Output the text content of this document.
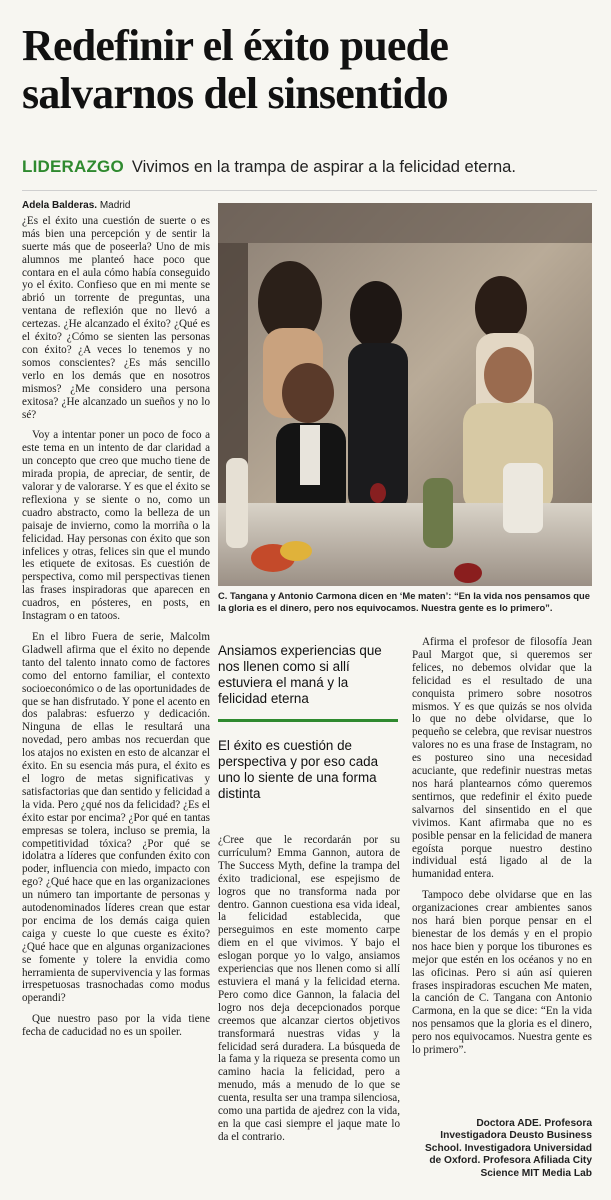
Redefinir el éxito puede salvarnos del sinsentido
LIDERAZGO Vivimos en la trampa de aspirar a la felicidad eterna.
Adela Balderas. Madrid

¿Es el éxito una cuestión de suerte o es más bien una percepción y de sentir la suerte más que de poseerla? Uno de mis alumnos me planteó hace poco que contara en el aula cómo había conseguido yo el éxito. Confieso que en mi mente se abrió un torrente de preguntas, una ventana de reflexión que no llevó a certezas. ¿He alcanzado el éxito? ¿Qué es el éxito? ¿Cómo se sienten las personas con éxito? ¿A veces lo tenemos y no somos conscientes? ¿Es más sencillo verlo en los demás que en nosotros mismos? ¿Me considero una persona exitosa? ¿He alcanzado un sueños y no lo sé?

Voy a intentar poner un poco de foco a este tema en un intento de dar claridad a un concepto que creo que mucho tiene de mirada propia, de apreciar, de sentir, de valorar y de valorarse. Y es que el éxito se reflexiona y se siente o no, como un cuadro abstracto, como la belleza de un paisaje de invierno, como la morriña o la felicidad. Hay personas con éxito que son infelices y otras, felices sin que el mundo les etiquete de exitosas. Es cuestión de perspectiva, como mil perspectivas tienen las frases inspiradoras que aparecen en cuadros, en pósteres, en posts, en Instagram o en tatoos.

En el libro Fuera de serie, Malcolm Gladwell afirma que el éxito no depende tanto del talento innato como de factores como del entorno familiar, el contexto socioeconómico o de las oportunidades de que se han disfrutado. Y pone el acento en dos palabras: esfuerzo y dedicación. Ninguna de ellas le resultará una novedad, pero ambas nos recuerdan que los atajos no existen en esto de alcanzar el éxito. En su esencia más pura, el éxito es el logro de metas significativas y satisfactorias que dan sentido y felicidad a la vida. Pero ¿qué nos da felicidad? ¿Es el éxito estar por encima? ¿Por qué en tantas empresas se tolera, incluso se premia, la competitividad tóxica? ¿Por qué se idolatra a líderes que confunden éxito con poder, influencia con miedo, impacto con ego? ¿Qué hace que en las organizaciones un número tan importante de personas y autodenominados líderes crean que estar por encima de los demás caiga quien caiga y cueste lo que cueste es éxito? ¿Qué hace que en algunas organizaciones se fomente y tolere la envidia como herramienta de supervivencia y las formas irrespetuosas trasnochadas como modus operandi?

Que nuestro paso por la vida tiene fecha de caducidad no es un spoiler.

C. Tangana y Antonio Carmona dicen en ‘Me maten’: “En la vida nos pensamos que la gloria es el dinero, pero nos equivocamos. Nuestra gente es lo primero”.
Ansiamos experiencias que nos llenen como si allí estuviera el maná y la felicidad eterna
El éxito es cuestión de perspectiva y por eso cada uno lo siente de una forma distinta

¿Cree que le recordarán por su currículum? Emma Gannon, autora de The Success Myth, define la trampa del éxito tradicional, ese espejismo de logros que no transforma nada por dentro. Gannon cuestiona esa vida ideal, la felicidad establecida, que perseguimos en este momento carpe diem en el que vivimos. Y bajo el eslogan porque yo lo valgo, ansiamos experiencias que nos llenen como si allí estuviera el maná y la felicidad eterna. Pero como dice Gannon, la falacia del logro nos deja decepcionados porque creemos que alcanzar ciertos objetivos transformará nuestras vidas y la felicidad será duradera. La búsqueda de la fama y la riqueza se presenta como un camino hacia la felicidad, pero a menudo, más a menudo de lo que se cuenta, resulta ser una trampa silenciosa, como una partida de ajedrez con la vida, en la que casi siempre el jaque mate lo da el contrario.

Afirma el profesor de filosofía Jean Paul Margot que, si queremos ser felices, no debemos olvidar que la felicidad es el resultado de una conquista primero sobre nosotros mismos. Y es que quizás se nos olvida lo que no debe olvidarse, que lo pequeño se celebra, que revisar nuestros valores no es una frase de Instagram, no es postureo sino una necesidad acuciante, que redefinir nuestras metas nos hará plantearnos cómo queremos sentirnos, que redefinir el éxito puede salvarnos del sinsentido en el que vivimos. Kant afirmaba que no es posible pensar en la felicidad de manera egoísta porque nuestro destino individual está ligado al de la humanidad entera.

Tampoco debe olvidarse que en las organizaciones crear ambientes sanos nos hará bien porque pensar en el bienestar de los demás y en el propio nos hace bien y porque los tiburones es mejor que estén en los océanos y no en las oficinas. Pero si aún así quieren frases inspiradoras escuchen Me maten, la canción de C. Tangana con Antonio Carmona, en la que se dice: “En la vida nos pensamos que la gloria es el dinero, pero nos equivocamos. Nuestra gente es lo primero”.

Doctora ADE. Profesora Investigadora Deusto Business School. Investigadora Universidad de Oxford. Profesora Afiliada City Science MIT Media Lab
